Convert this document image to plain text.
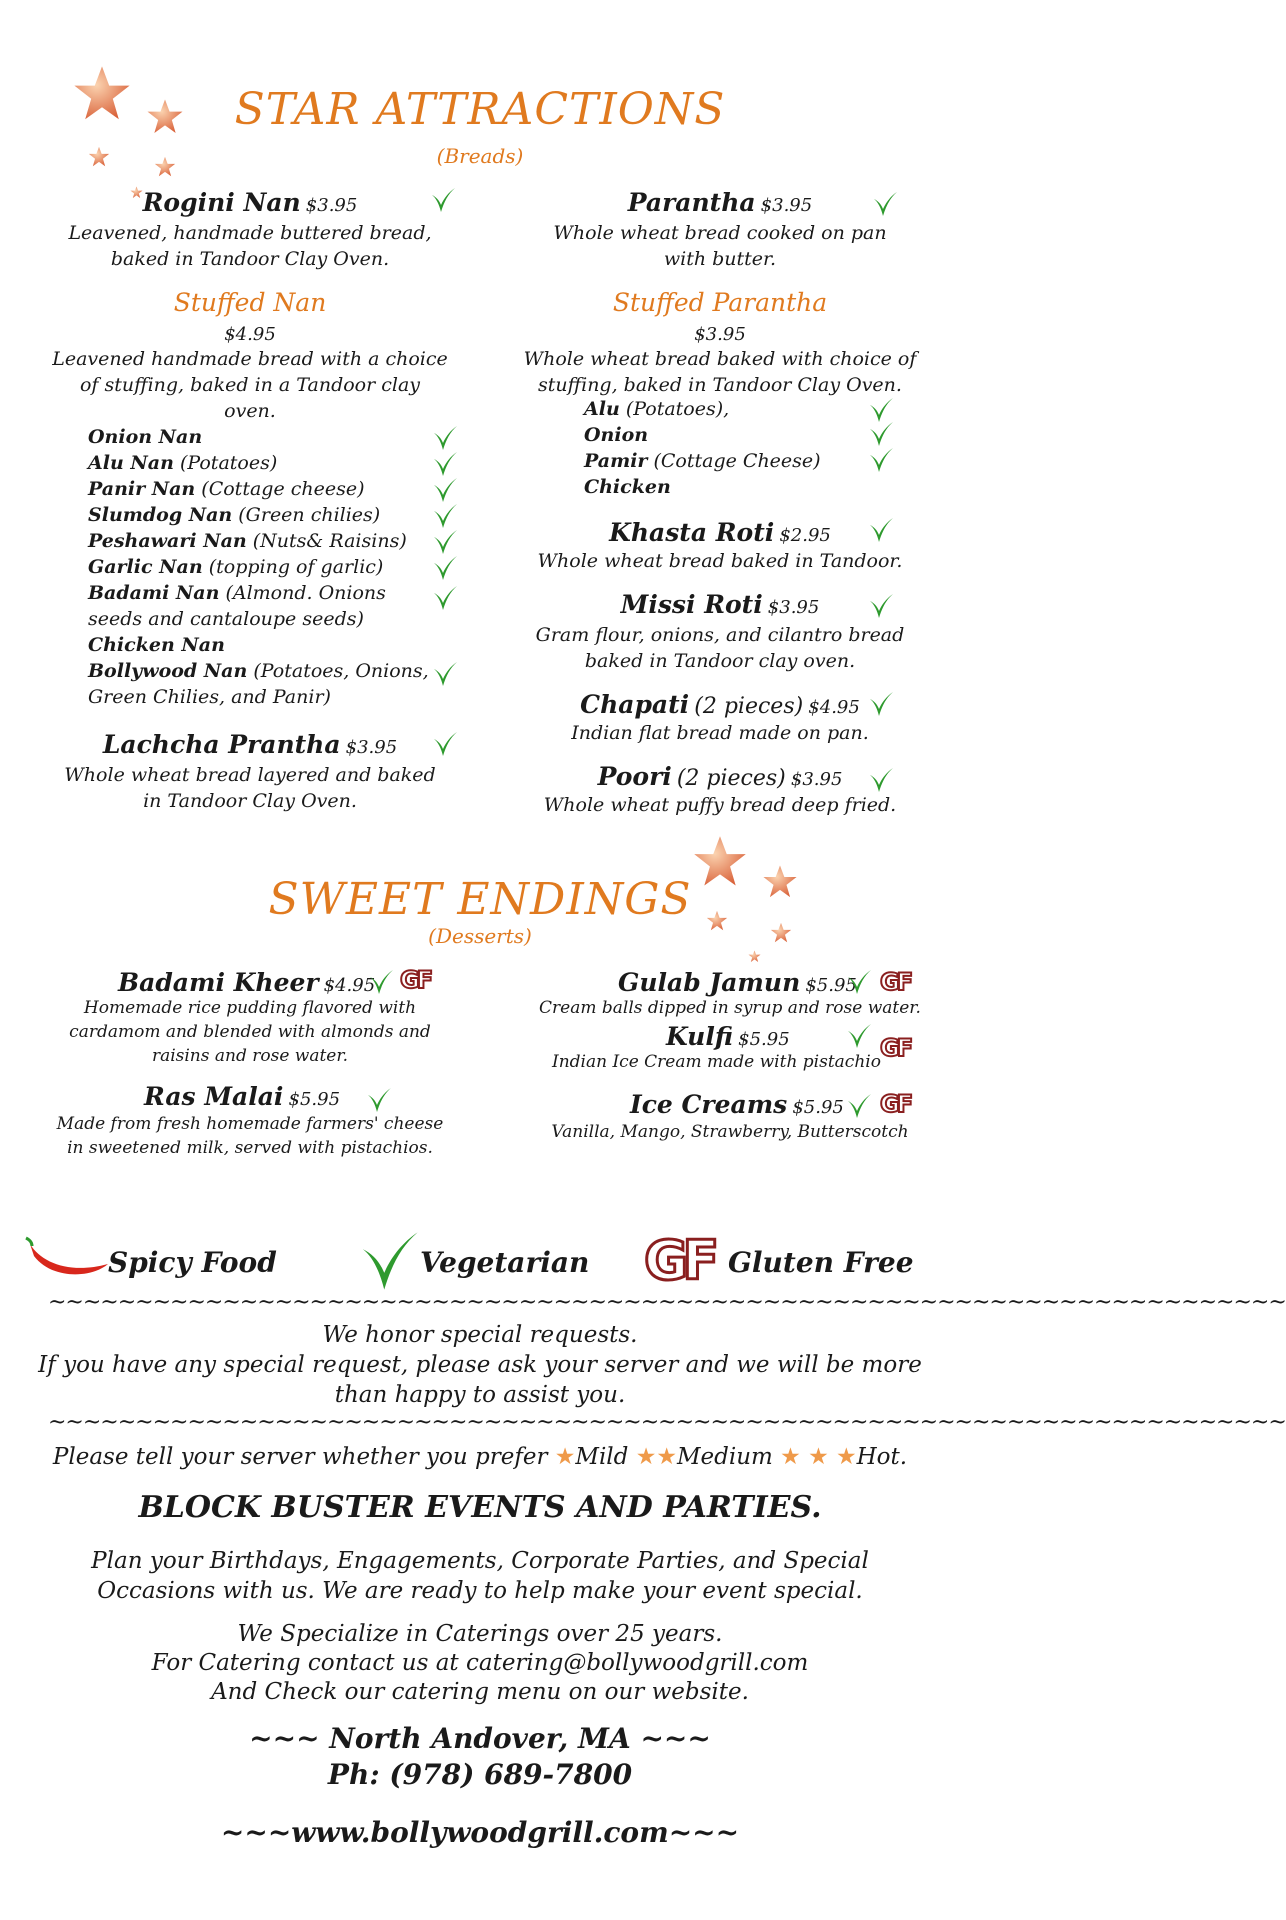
STAR ATTRACTIONS
(Breads)
Rogini Nan $3.95
Leavened, handmade buttered bread,
baked in Tandoor Clay Oven.
Stuffed Nan
$4.95
Leavened handmade bread with a choice
of stuffing, baked in a Tandoor clay
oven.
Onion Nan
Alu Nan (Potatoes)
Panir Nan (Cottage cheese)
Slumdog Nan (Green chilies)
Peshawari Nan (Nuts& Raisins)
Garlic Nan (topping of garlic)
Badami Nan (Almond. Onions
seeds and cantaloupe seeds)
Chicken Nan
Bollywood Nan (Potatoes, Onions,
Green Chilies, and Panir)
Lachcha Prantha $3.95
Whole wheat bread layered and baked
in Tandoor Clay Oven.
Parantha $3.95
Whole wheat bread cooked on pan
with butter.
Stuffed Parantha
$3.95
Whole wheat bread baked with choice of
stuffing, baked in Tandoor Clay Oven.
Alu (Potatoes),
Onion
Pamir (Cottage Cheese)
Chicken
Khasta Roti $2.95
Whole wheat bread baked in Tandoor.
Missi Roti $3.95
Gram flour, onions, and cilantro bread
baked in Tandoor clay oven.
Chapati (2 pieces) $4.95
Indian flat bread made on pan.
Poori (2 pieces) $3.95
Whole wheat puffy bread deep fried.
SWEET ENDINGS
(Desserts)
Badami Kheer $4.95 GF
Homemade rice pudding flavored with
cardamom and blended with almonds and
raisins and rose water.
Ras Malai $5.95
Made from fresh homemade farmers' cheese
in sweetened milk, served with pistachios.
Gulab Jamun $5.95 GF
Cream balls dipped in syrup and rose water.
Kulfi $5.95	GF
Indian Ice Cream made with pistachio
Ice Creams $5.95 GF
Vanilla, Mango, Strawberry, Butterscotch
Spicy Food	Vegetarian GF Gluten Free
~~~~~~~~~~~~~~~~~~~~~~~~~~~~~~~~~~~~~~~~~~~~~~~~~~~~~~~~~~~~~~~~~~~~~~~
We honor special requests.
If you have any special request, please ask your server and we will be more
than happy to assist you.
~~~~~~~~~~~~~~~~~~~~~~~~~~~~~~~~~~~~~~~~~~~~~~~~~~~~~~~~~~~~~~~~~~~~~~~
Please tell your server whether you prefer ★Mild ★★Medium ★ ★ ★Hot.
BLOCK BUSTER EVENTS AND PARTIES.
Plan your Birthdays, Engagements, Corporate Parties, and Special
Occasions with us. We are ready to help make your event special.
We Specialize in Caterings over 25 years.
For Catering contact us at catering@bollywoodgrill.com
And Check our catering menu on our website.
~~~ North Andover, MA ~~~
Ph: (978) 689-7800
~~~www.bollywoodgrill.com~~~
